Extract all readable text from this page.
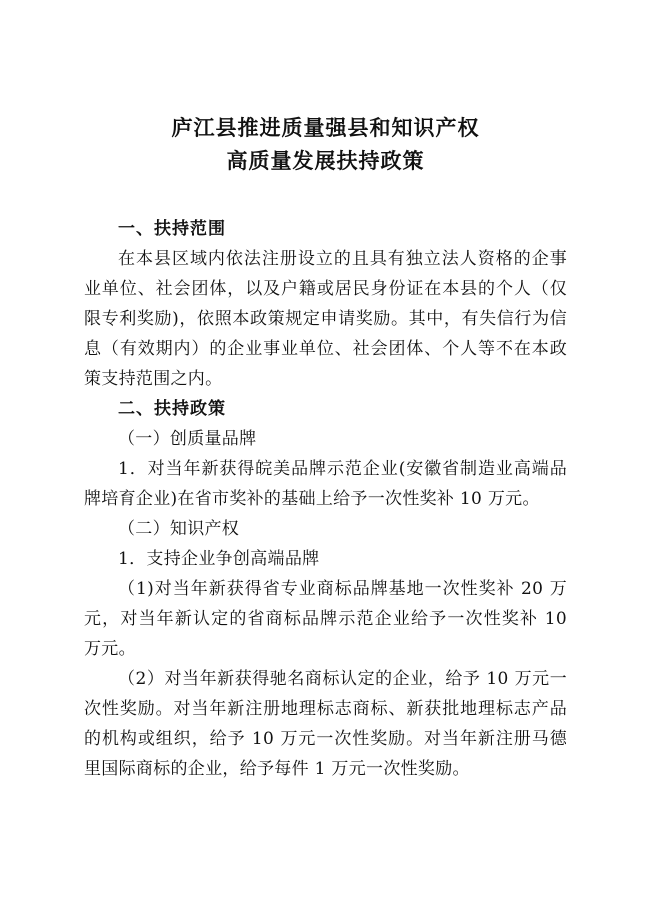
庐江县推进质量强县和知识产权
高质量发展扶持政策
一、扶持范围
在本县区域内依法注册设立的且具有独立法人资格的企事业单位、社会团体，以及户籍或居民身份证在本县的个人（仅限专利奖励)，依照本政策规定申请奖励。其中，有失信行为信息（有效期内）的企业事业单位、社会团体、个人等不在本政策支持范围之内。
二、扶持政策
（一）创质量品牌
1．对当年新获得皖美品牌示范企业(安徽省制造业高端品牌培育企业)在省市奖补的基础上给予一次性奖补 10 万元。
（二）知识产权
1．支持企业争创高端品牌
（1)对当年新获得省专业商标品牌基地一次性奖补 20 万元，对当年新认定的省商标品牌示范企业给予一次性奖补 10 万元。
（2）对当年新获得驰名商标认定的企业，给予 10 万元一次性奖励。对当年新注册地理标志商标、新获批地理标志产品的机构或组织，给予 10 万元一次性奖励。对当年新注册马德里国际商标的企业，给予每件 1 万元一次性奖励。
